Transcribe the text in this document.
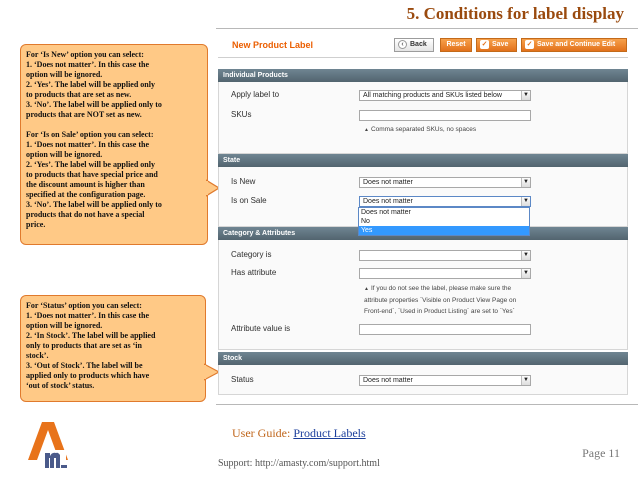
5. Conditions for label display

For ‘Is New’ option you can select:
1. ‘Does not matter’. In this case the
option will be ignored.
2. ‘Yes’. The label will be applied only
to products that are set as new.
3. ‘No’. The label will be applied only to
products that are NOT set as new.

For ‘Is on Sale’ option you can select:
1. ‘Does not matter’. In this case the
option will be ignored.
2. ‘Yes’. The label will be applied only
to products that have special price and
the discount amount is higher than
specified at the configuration page.
3. ‘No’. The label will be applied only to
products that do not have a special
price.

For ‘Status’ option you can select:
1. ‘Does not matter’. In this case the
option will be ignored.
2. ‘In Stock’. The label will be applied
only to products that are set as ‘in
stock’.
3. ‘Out of Stock’. The label will be
applied only to products which have
‘out of stock’ status.

New Product Label	‹ Back	Reset	✓ Save	✓ Save and Continue Edit
Individual Products
Apply label to	All matching products and SKUs listed below	▼
SKUs
▲ Comma separated SKUs, no spaces
State
Is New	Does not matter	▼
Is on Sale	Does not matter	▼
Category & Attributes
Category is	▼
Has attribute	▼
▲ If you do not see the label, please make sure the
attribute properties `Visible on Product View Page on
Front-end`, `Used in Product Listing` are set to `Yes`
Attribute value is
Does not matter
No
Yes
Stock
Status	Does not matter	▼
User Guide: Product Labels
Page 11
Support: http://amasty.com/support.html
